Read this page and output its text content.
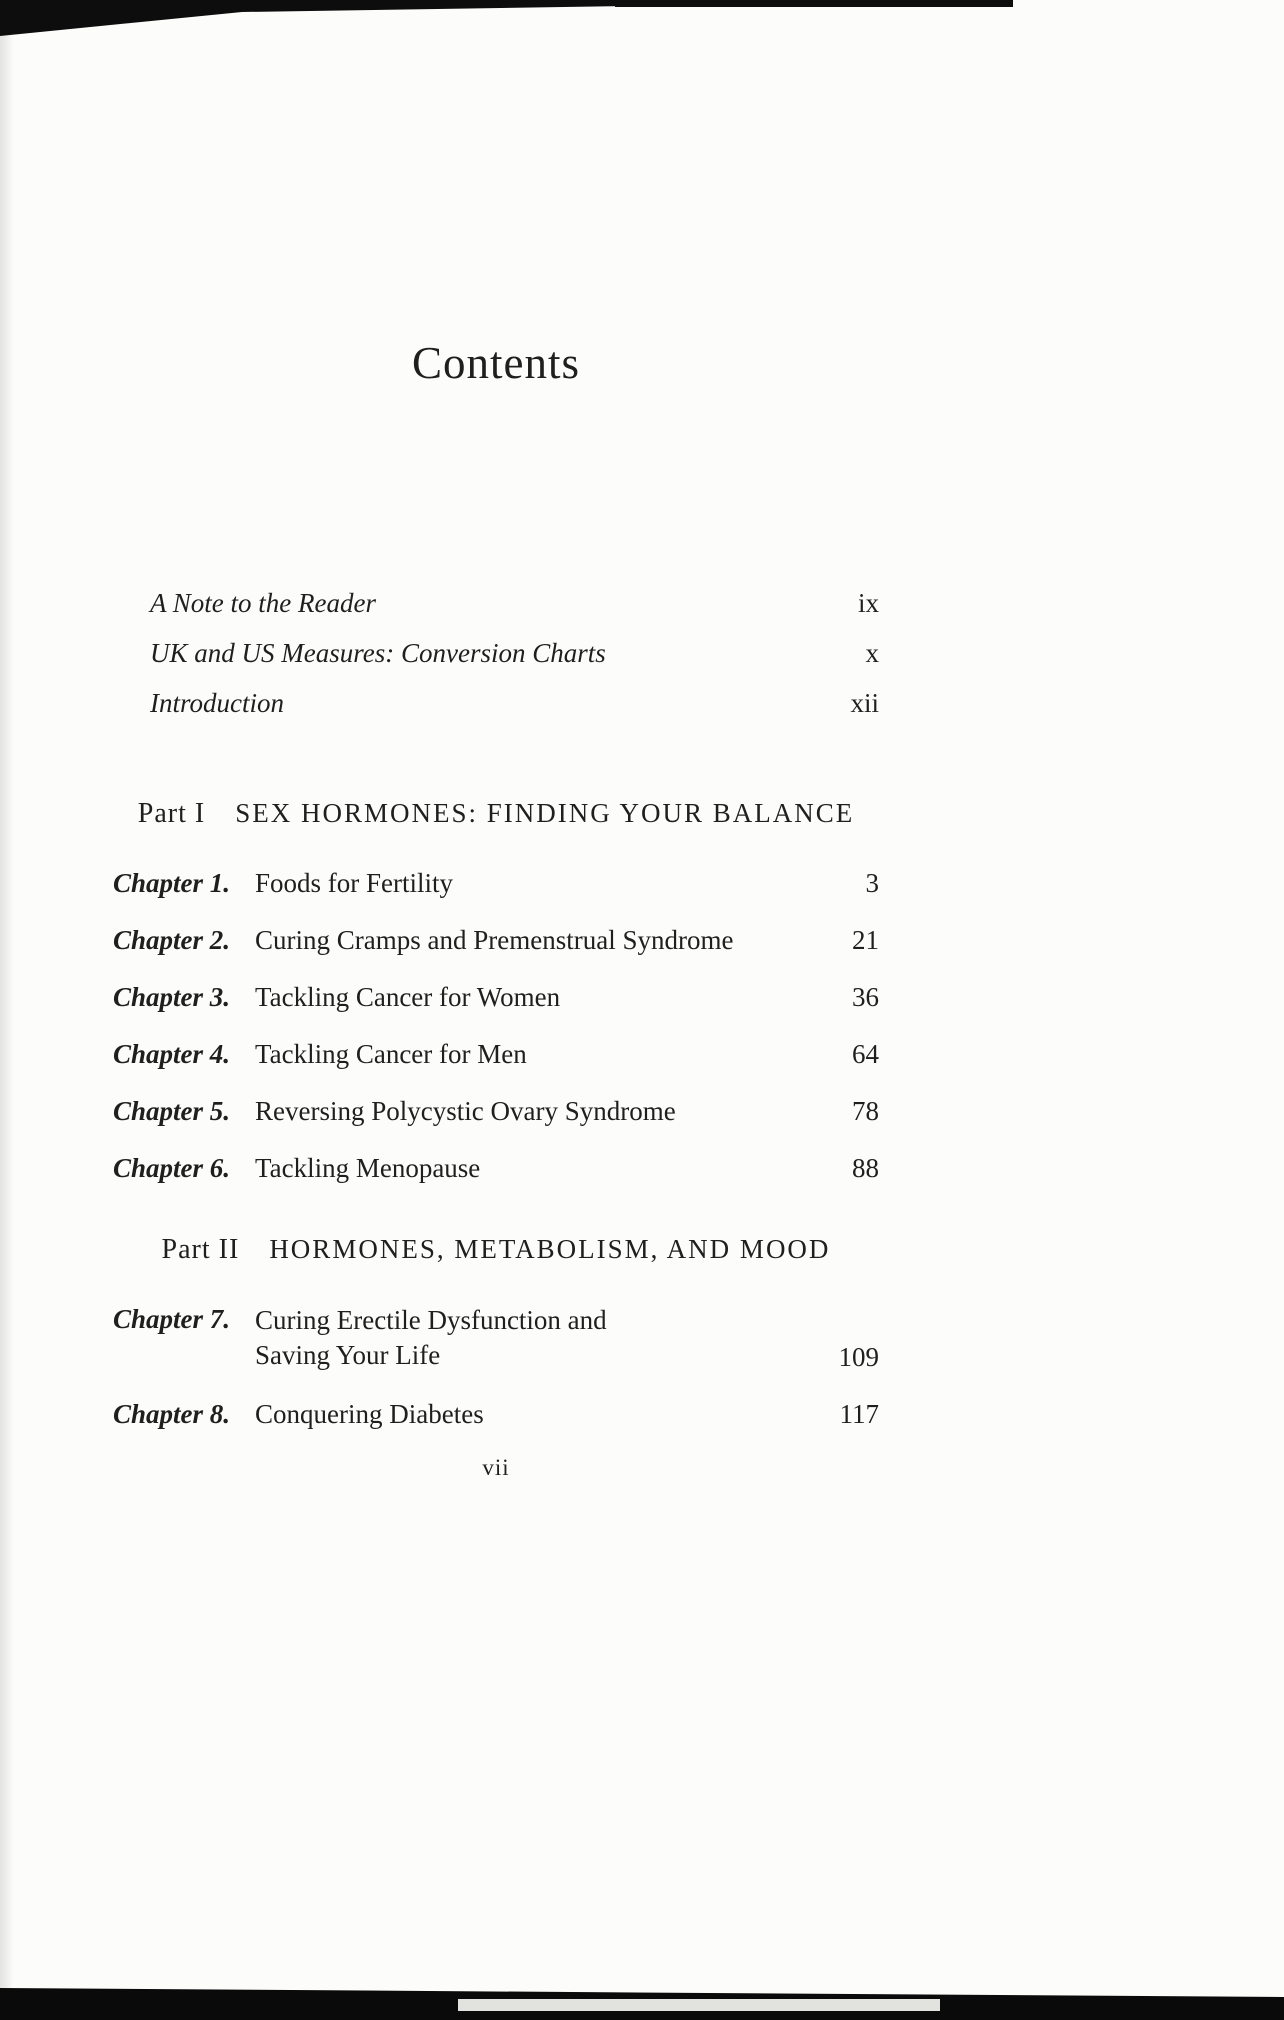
Contents
A Note to the Reader	ix
UK and US Measures: Conversion Charts	x
Introduction	xii
Part I SEX HORMONES: FINDING YOUR BALANCE
Chapter 1. Foods for Fertility	3
Chapter 2. Curing Cramps and Premenstrual Syndrome	21
Chapter 3. Tackling Cancer for Women	36
Chapter 4. Tackling Cancer for Men	64
Chapter 5. Reversing Polycystic Ovary Syndrome	78
Chapter 6. Tackling Menopause	88
Part II HORMONES, METABOLISM, AND MOOD
Chapter 7. Curing Erectile Dysfunction and
Saving Your Life	109
Chapter 8. Conquering Diabetes	117
vii
